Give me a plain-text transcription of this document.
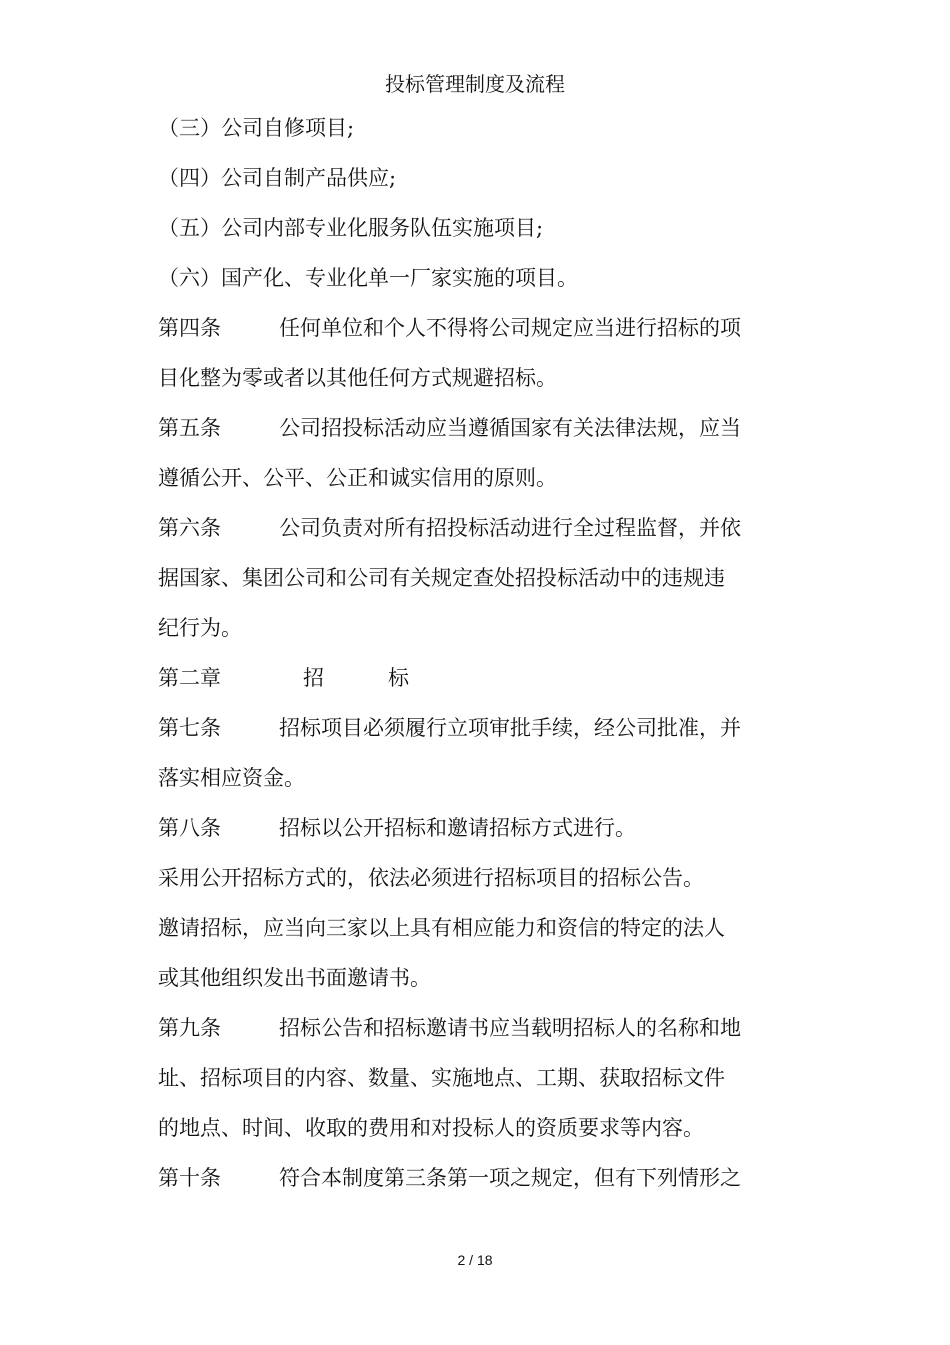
投标管理制度及流程
（三）公司自修项目;
（四）公司自制产品供应;
（五）公司内部专业化服务队伍实施项目;
（六）国产化、专业化单一厂家实施的项目。
第四条	任何单位和个人不得将公司规定应当进行招标的项
目化整为零或者以其他任何方式规避招标。
第五条	公司招投标活动应当遵循国家有关法律法规，应当
遵循公开、公平、公正和诚实信用的原则。
第六条	公司负责对所有招投标活动进行全过程监督，并依
据国家、集团公司和公司有关规定查处招投标活动中的违规违
纪行为。
第二章	招	标
第七条	招标项目必须履行立项审批手续，经公司批准，并
落实相应资金。
第八条	招标以公开招标和邀请招标方式进行。
采用公开招标方式的，依法必须进行招标项目的招标公告。
邀请招标，应当向三家以上具有相应能力和资信的特定的法人
或其他组织发出书面邀请书。
第九条	招标公告和招标邀请书应当载明招标人的名称和地
址、招标项目的内容、数量、实施地点、工期、获取招标文件
的地点、时间、收取的费用和对投标人的资质要求等内容。
第十条	符合本制度第三条第一项之规定，但有下列情形之
2 / 18
